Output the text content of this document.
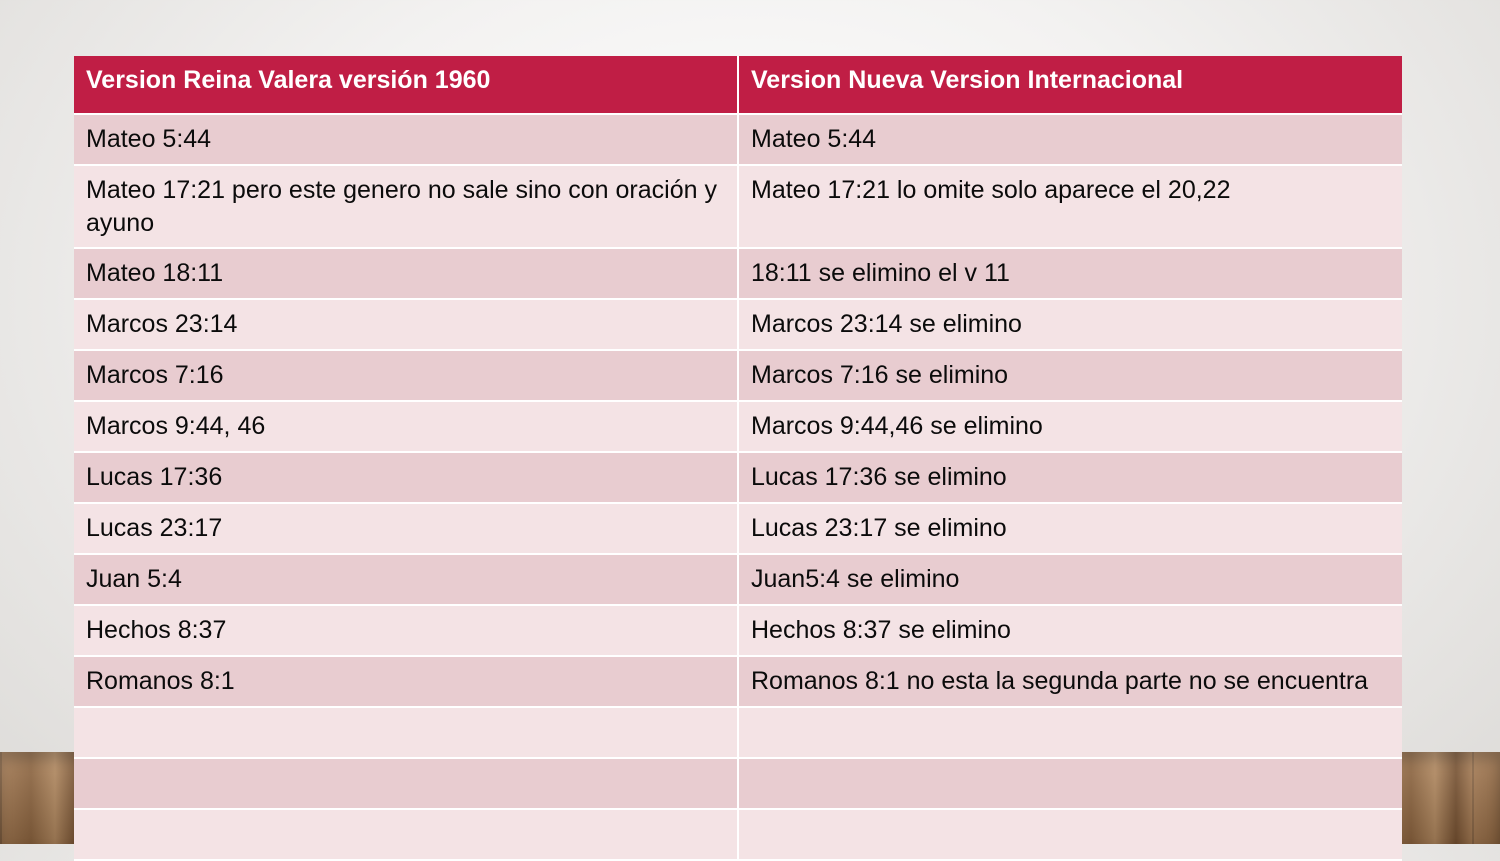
Version Reina Valera versión 1960	Version Nueva Version Internacional
Mateo 5:44	Mateo 5:44
Mateo 17:21 pero este genero no sale sino con oración y ayuno	Mateo 17:21 lo omite solo aparece el 20,22
Mateo 18:11	18:11 se elimino el v 11
Marcos 23:14	Marcos 23:14 se elimino
Marcos 7:16	Marcos 7:16 se elimino
Marcos 9:44, 46	Marcos 9:44,46 se elimino
Lucas 17:36	Lucas 17:36 se elimino
Lucas 23:17	Lucas 23:17 se elimino
Juan 5:4	Juan5:4 se elimino
Hechos 8:37	Hechos 8:37 se elimino
Romanos 8:1	Romanos 8:1 no esta la segunda parte no se encuentra
